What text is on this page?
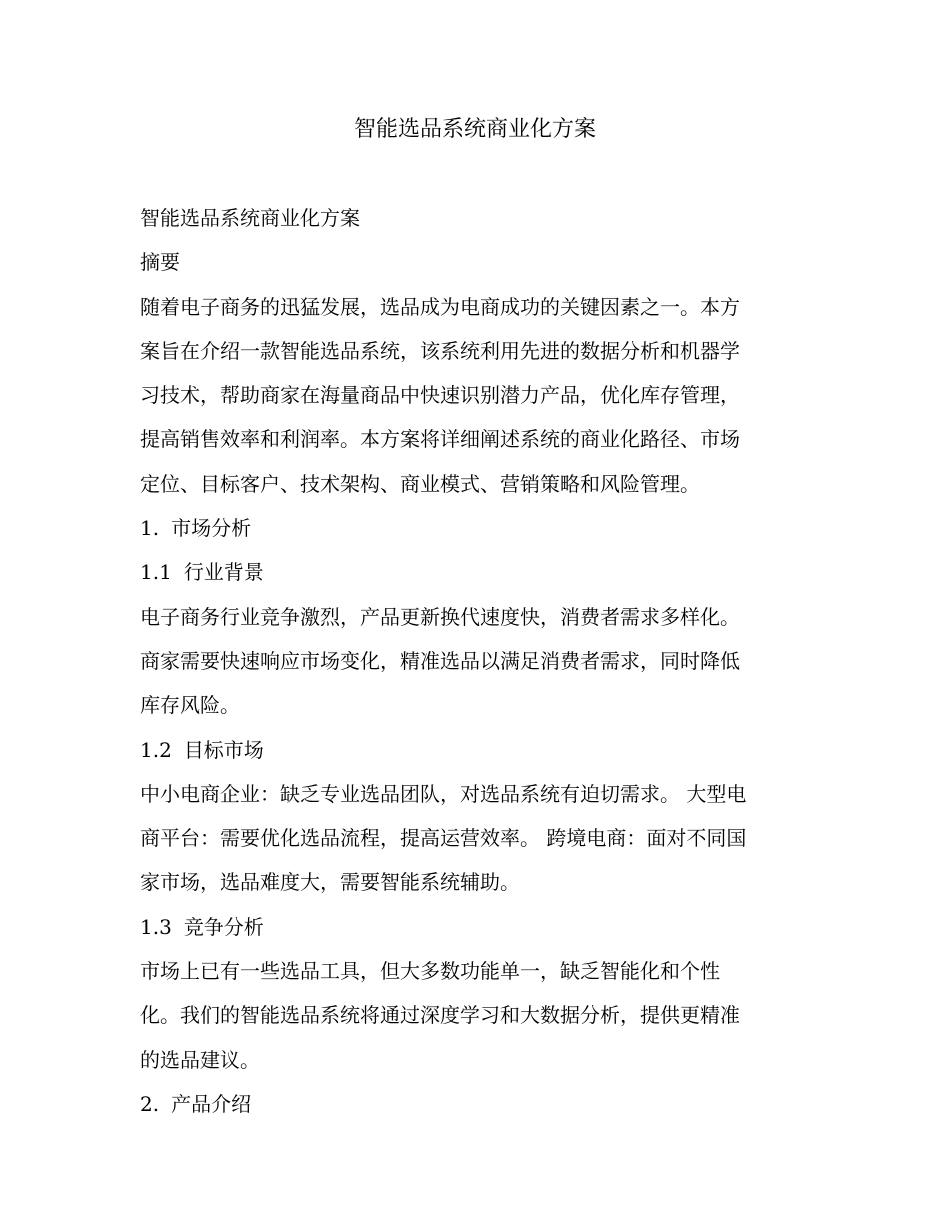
智能选品系统商业化方案

智能选品系统商业化方案

摘要

随着电子商务的迅猛发展，选品成为电商成功的关键因素之一。本方

案旨在介绍一款智能选品系统，该系统利用先进的数据分析和机器学

习技术，帮助商家在海量商品中快速识别潜力产品，优化库存管理，

提高销售效率和利润率。本方案将详细阐述系统的商业化路径、市场

定位、目标客户、技术架构、商业模式、营销策略和风险管理。

1. 市场分析

1.1 行业背景

电子商务行业竞争激烈，产品更新换代速度快，消费者需求多样化。

商家需要快速响应市场变化，精准选品以满足消费者需求，同时降低

库存风险。

1.2 目标市场

中小电商企业：缺乏专业选品团队，对选品系统有迫切需求。 大型电

商平台：需要优化选品流程，提高运营效率。 跨境电商：面对不同国

家市场，选品难度大，需要智能系统辅助。

1.3 竞争分析

市场上已有一些选品工具，但大多数功能单一，缺乏智能化和个性

化。我们的智能选品系统将通过深度学习和大数据分析，提供更精准

的选品建议。

2. 产品介绍
